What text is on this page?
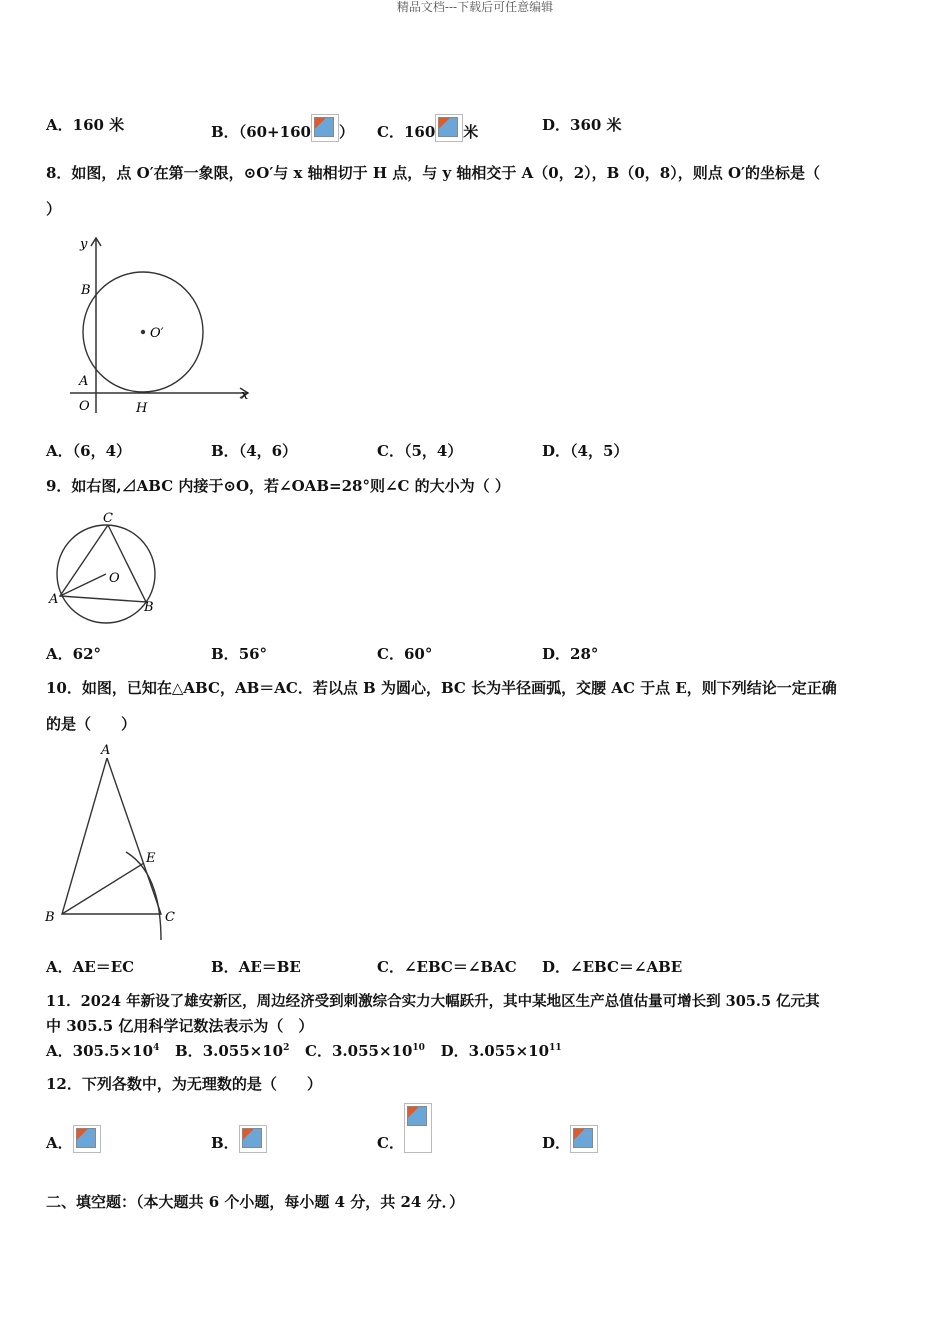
精品文档---下载后可任意编辑
A．160 米	B．（60+160 ） C．160 米	D．360 米
8．如图，点 O′在第一象限，⊙O′与 x 轴相切于 H 点，与 y 轴相交于 A（0，2），B（0，8），则点 O′的坐标是（
）
y
x
B
A
O	H
O′
A．（6，4）	B．（4，6）	C．（5，4）	D．（4，5）
9．如右图,⊿ABC 内接于⊙O，若∠OAB=28°则∠C 的大小为（ ）
C
O
A
B
A．62°	B．56°	C．60°	D．28°
10．如图，已知在△ABC，AB＝AC．若以点 B 为圆心，BC 长为半径画弧，交腰 AC 于点 E，则下列结论一定正确
的是（　　）
A
E
B	C
A．AE＝EC	B．AE＝BE	C．∠EBC＝∠BAC D．∠EBC＝∠ABE
11．2024 年新设了雄安新区，周边经济受到刺激综合实力大幅跃升，其中某地区生产总值估量可增长到 305.5 亿元其
中 305.5 亿用科学记数法表示为（　）
A．$305.5\times 10^4$ B．$3.055\times 10^2$ C．$3.055\times 10^{10}$ D．$3.055\times 10^{11}$
12．下列各数中，为无理数的是（　　）
A．	B．	C．	D．
二、填空题：（本大题共 6 个小题，每小题 4 分，共 24 分．）
